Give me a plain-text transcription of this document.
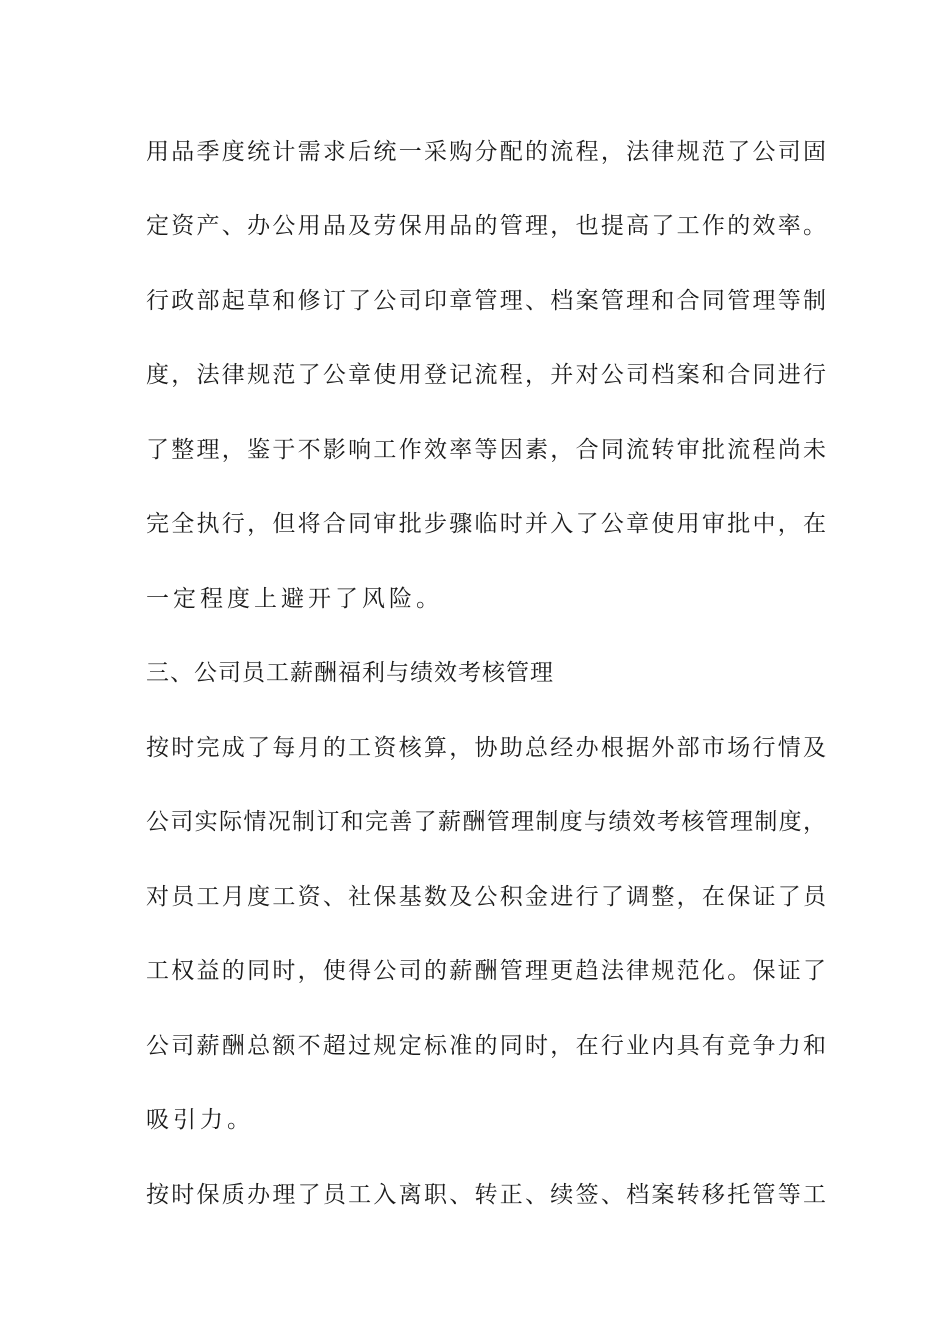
用品季度统计需求后统一采购分配的流程，法律规范了公司固
定资产、办公用品及劳保用品的管理，也提高了工作的效率。
行政部起草和修订了公司印章管理、档案管理和合同管理等制
度，法律规范了公章使用登记流程，并对公司档案和合同进行
了整理，鉴于不影响工作效率等因素，合同流转审批流程尚未
完全执行，但将合同审批步骤临时并入了公章使用审批中，在
一定程度上避开了风险。
三、公司员工薪酬福利与绩效考核管理
按时完成了每月的工资核算，协助总经办根据外部市场行情及
公司实际情况制订和完善了薪酬管理制度与绩效考核管理制度，
对员工月度工资、社保基数及公积金进行了调整，在保证了员
工权益的同时，使得公司的薪酬管理更趋法律规范化。保证了
公司薪酬总额不超过规定标准的同时，在行业内具有竞争力和
吸引力。
按时保质办理了员工入离职、转正、续签、档案转移托管等工
